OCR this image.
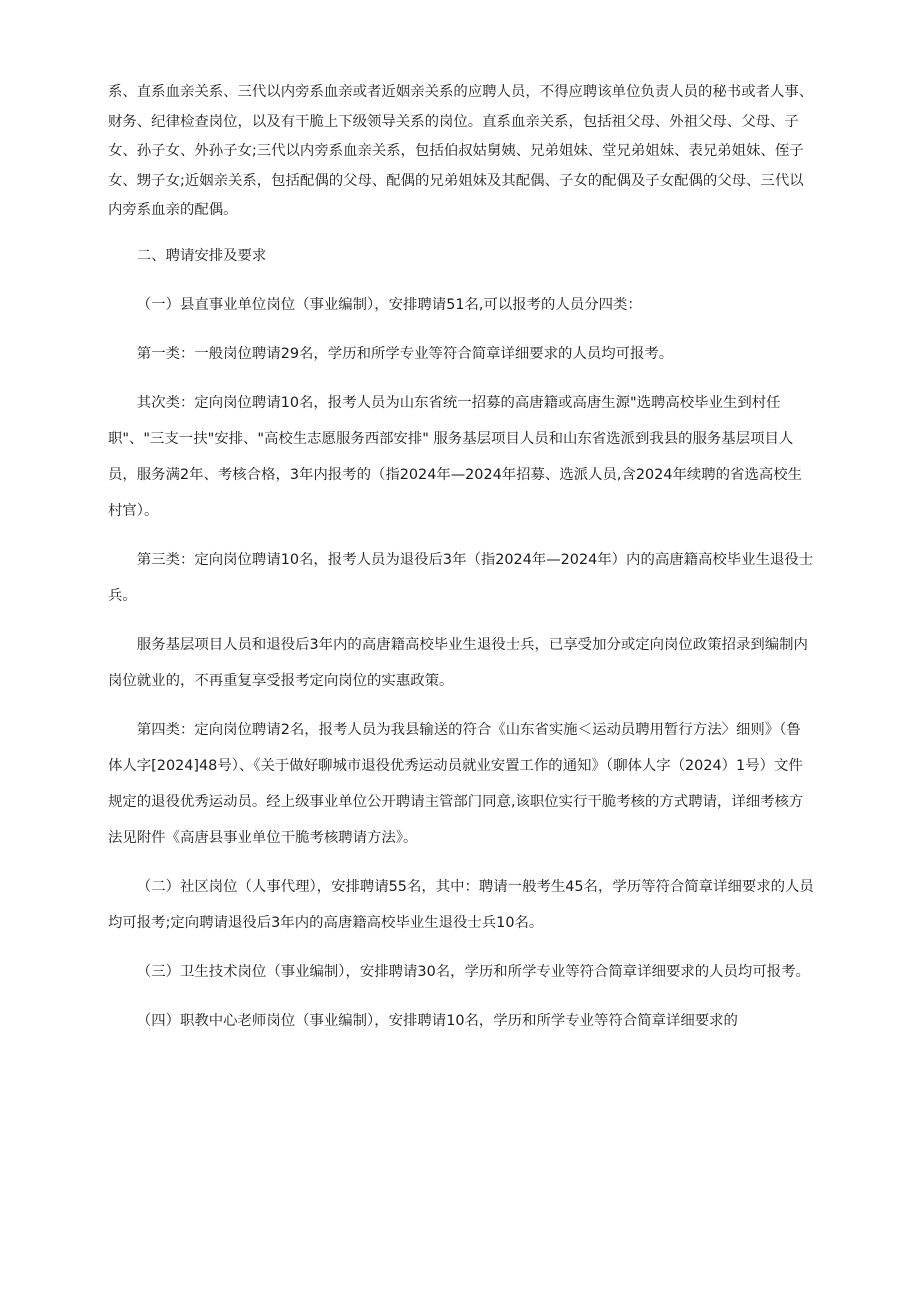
系、直系血亲关系、三代以内旁系血亲或者近姻亲关系的应聘人员，不得应聘该单位负责人员的秘书或者人事、财务、纪律检查岗位，以及有干脆上下级领导关系的岗位。直系血亲关系，包括祖父母、外祖父母、父母、子女、孙子女、外孙子女;三代以内旁系血亲关系，包括伯叔姑舅姨、兄弟姐妹、堂兄弟姐妹、表兄弟姐妹、侄子女、甥子女;近姻亲关系，包括配偶的父母、配偶的兄弟姐妹及其配偶、子女的配偶及子女配偶的父母、三代以内旁系血亲的配偶。

二、聘请安排及要求

（一）县直事业单位岗位（事业编制），安排聘请51名,可以报考的人员分四类：

第一类：一般岗位聘请29名，学历和所学专业等符合简章详细要求的人员均可报考。

其次类：定向岗位聘请10名，报考人员为山东省统一招募的高唐籍或高唐生源"选聘高校毕业生到村任职"、"三支一扶"安排、"高校生志愿服务西部安排" 服务基层项目人员和山东省选派到我县的服务基层项目人员，服务满2年、考核合格，3年内报考的（指2024年—2024年招募、选派人员,含2024年续聘的省选高校生村官）。

第三类：定向岗位聘请10名，报考人员为退役后3年（指2024年—2024年）内的高唐籍高校毕业生退役士兵。

服务基层项目人员和退役后3年内的高唐籍高校毕业生退役士兵，已享受加分或定向岗位政策招录到编制内岗位就业的，不再重复享受报考定向岗位的实惠政策。

第四类：定向岗位聘请2名，报考人员为我县输送的符合《山东省实施＜运动员聘用暂行方法〉细则》（鲁体人字[2024]48号）、《关于做好聊城市退役优秀运动员就业安置工作的通知》（聊体人字（2024）1号）文件规定的退役优秀运动员。经上级事业单位公开聘请主管部门同意,该职位实行干脆考核的方式聘请，详细考核方法见附件《高唐县事业单位干脆考核聘请方法》。

（二）社区岗位（人事代理），安排聘请55名，其中：聘请一般考生45名，学历等符合简章详细要求的人员均可报考;定向聘请退役后3年内的高唐籍高校毕业生退役士兵10名。

（三）卫生技术岗位（事业编制），安排聘请30名，学历和所学专业等符合简章详细要求的人员均可报考。

（四）职教中心老师岗位（事业编制），安排聘请10名，学历和所学专业等符合简章详细要求的
